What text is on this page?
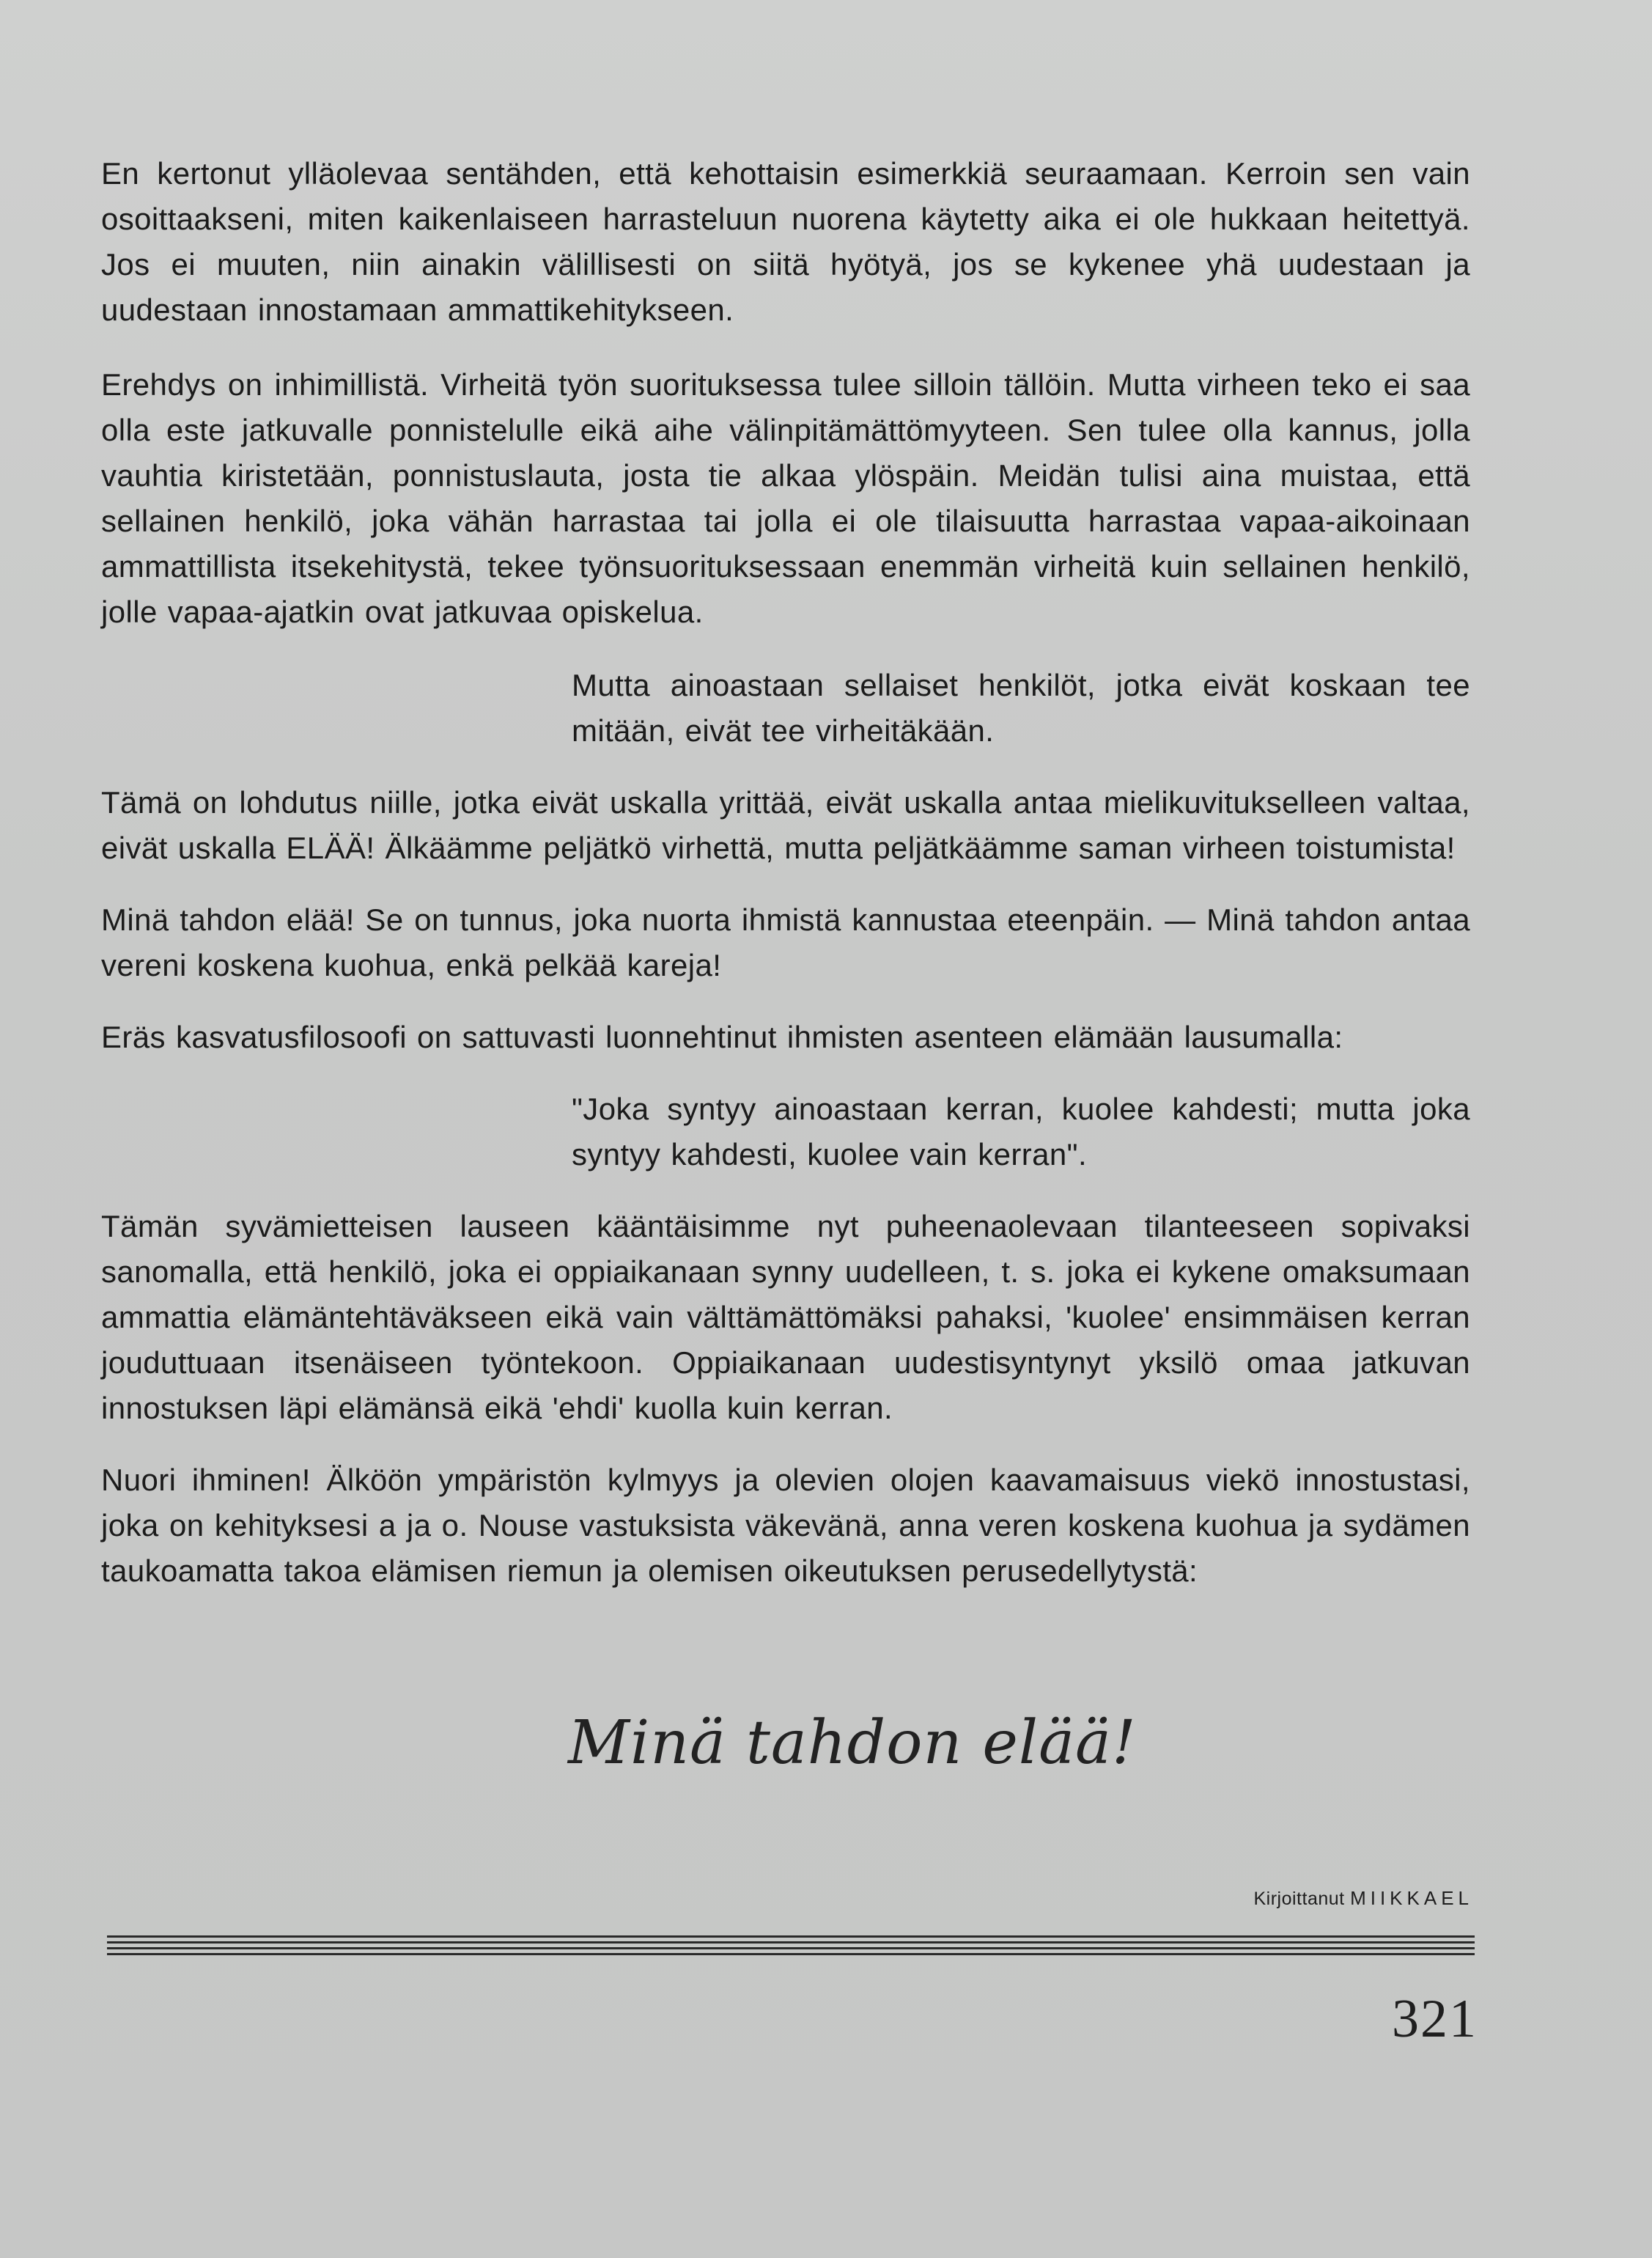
En kertonut ylläolevaa sentähden, että kehottaisin esimerkkiä seuraamaan. Kerroin sen vain osoittaakseni, miten kaikenlaiseen harrasteluun nuorena käytetty aika ei ole hukkaan heitettyä. Jos ei muuten, niin ainakin välillisesti on siitä hyötyä, jos se kykenee yhä uudestaan ja uudestaan innostamaan ammattikehitykseen.

Erehdys on inhimillistä. Virheitä työn suorituksessa tulee silloin tällöin. Mutta virheen teko ei saa olla este jatkuvalle ponnistelulle eikä aihe välinpitämättömyyteen. Sen tulee olla kannus, jolla vauhtia kiristetään, ponnistuslauta, josta tie alkaa ylöspäin. Meidän tulisi aina muistaa, että sellainen henkilö, joka vähän harrastaa tai jolla ei ole tilaisuutta harrastaa vapaa-aikoinaan ammattillista itsekehitystä, tekee työnsuorituksessaan enemmän virheitä kuin sellainen henkilö, jolle vapaa-ajatkin ovat jatkuvaa opiskelua.

Mutta ainoastaan sellaiset henkilöt, jotka eivät koskaan tee mitään, eivät tee virheitäkään.

Tämä on lohdutus niille, jotka eivät uskalla yrittää, eivät uskalla antaa mielikuvitukselleen valtaa, eivät uskalla ELÄÄ! Älkäämme peljätkö virhettä, mutta peljätkäämme saman virheen toistumista!

Minä tahdon elää! Se on tunnus, joka nuorta ihmistä kannustaa eteenpäin. — Minä tahdon antaa vereni koskena kuohua, enkä pelkää kareja!

Eräs kasvatusfilosoofi on sattuvasti luonnehtinut ihmisten asenteen elämään lausumalla:

"Joka syntyy ainoastaan kerran, kuolee kahdesti; mutta joka syntyy kahdesti, kuolee vain kerran".

Tämän syvämietteisen lauseen kääntäisimme nyt puheenaolevaan tilanteeseen sopivaksi sanomalla, että henkilö, joka ei oppiaikanaan synny uudelleen, t. s. joka ei kykene omaksumaan ammattia elämäntehtäväkseen eikä vain välttämättömäksi pahaksi, 'kuolee' ensimmäisen kerran jouduttuaan itsenäiseen työntekoon. Oppiaikanaan uudestisyntynyt yksilö omaa jatkuvan innostuksen läpi elämänsä eikä 'ehdi' kuolla kuin kerran.

Nuori ihminen! Älköön ympäristön kylmyys ja olevien olojen kaavamaisuus viekö innostustasi, joka on kehityksesi a ja o. Nouse vastuksista väkevänä, anna veren koskena kuohua ja sydämen taukoamatta takoa elämisen riemun ja olemisen oikeutuksen perusedellytystä:

Minä tahdon elää!
Kirjoittanut MIIKKAEL
321
